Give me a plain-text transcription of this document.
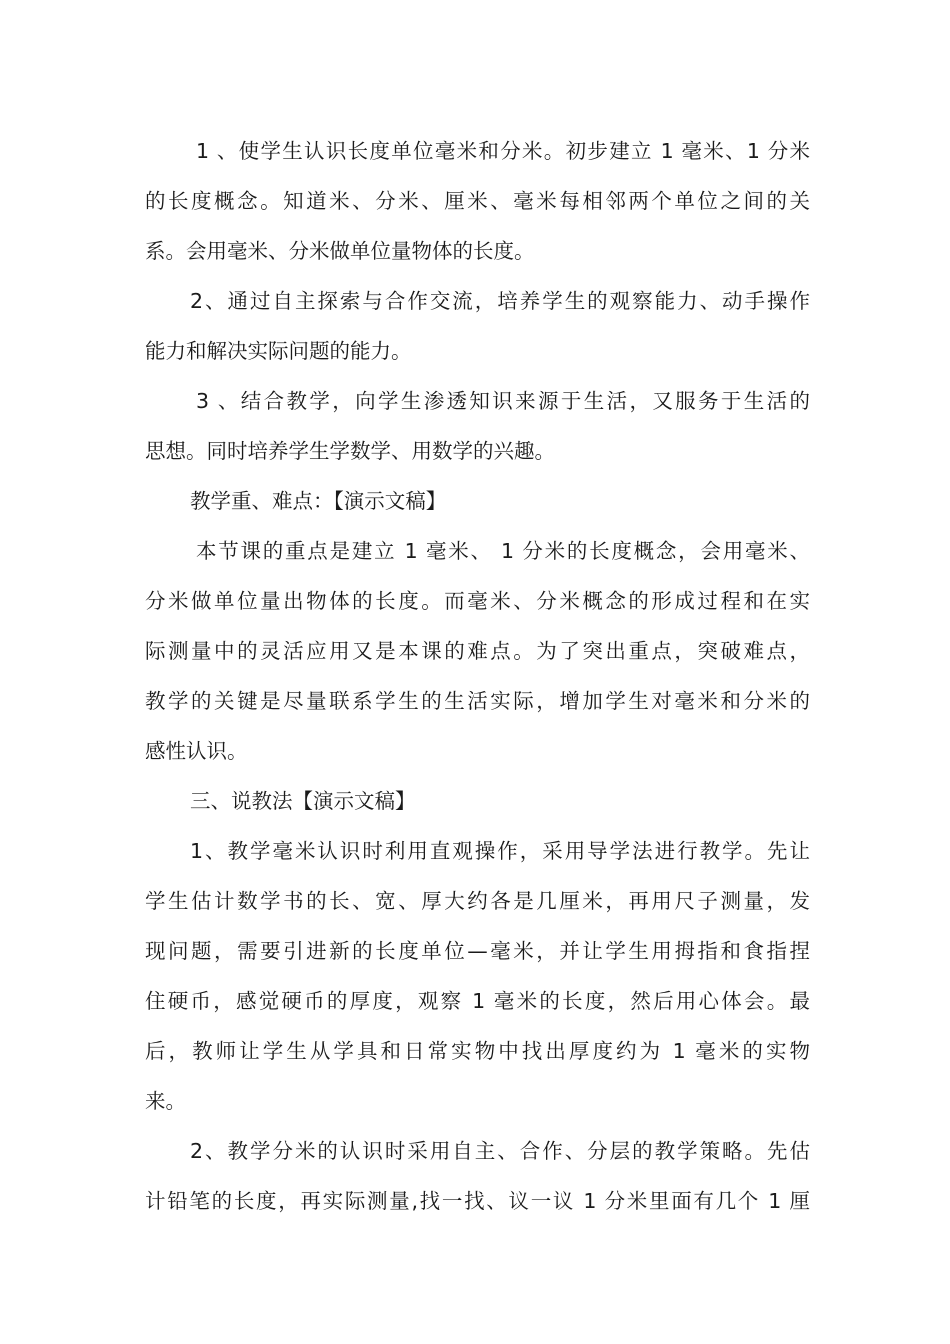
1 、使学生认识长度单位毫米和分米。初步建立 1 毫米、1 分米

的长度概念。知道米、分米、厘米、毫米每相邻两个单位之间的关

系。会用毫米、分米做单位量物体的长度。

2、通过自主探索与合作交流，培养学生的观察能力、动手操作

能力和解决实际问题的能力。

3 、结合教学，向学生渗透知识来源于生活，又服务于生活的

思想。同时培养学生学数学、用数学的兴趣。

教学重、难点：【演示文稿】

本节课的重点是建立 1 毫米、 1 分米的长度概念，会用毫米、

分米做单位量出物体的长度。而毫米、分米概念的形成过程和在实

际测量中的灵活应用又是本课的难点。为了突出重点，突破难点，

教学的关键是尽量联系学生的生活实际，增加学生对毫米和分米的

感性认识。

三、说教法【演示文稿】

1、教学毫米认识时利用直观操作，采用导学法进行教学。先让

学生估计数学书的长、宽、厚大约各是几厘米，再用尺子测量，发

现问题，需要引进新的长度单位—毫米，并让学生用拇指和食指捏

住硬币，感觉硬币的厚度，观察 1 毫米的长度，然后用心体会。最

后，教师让学生从学具和日常实物中找出厚度约为 1 毫米的实物

来。

2、教学分米的认识时采用自主、合作、分层的教学策略。先估

计铅笔的长度，再实际测量,找一找、议一议 1 分米里面有几个 1 厘
